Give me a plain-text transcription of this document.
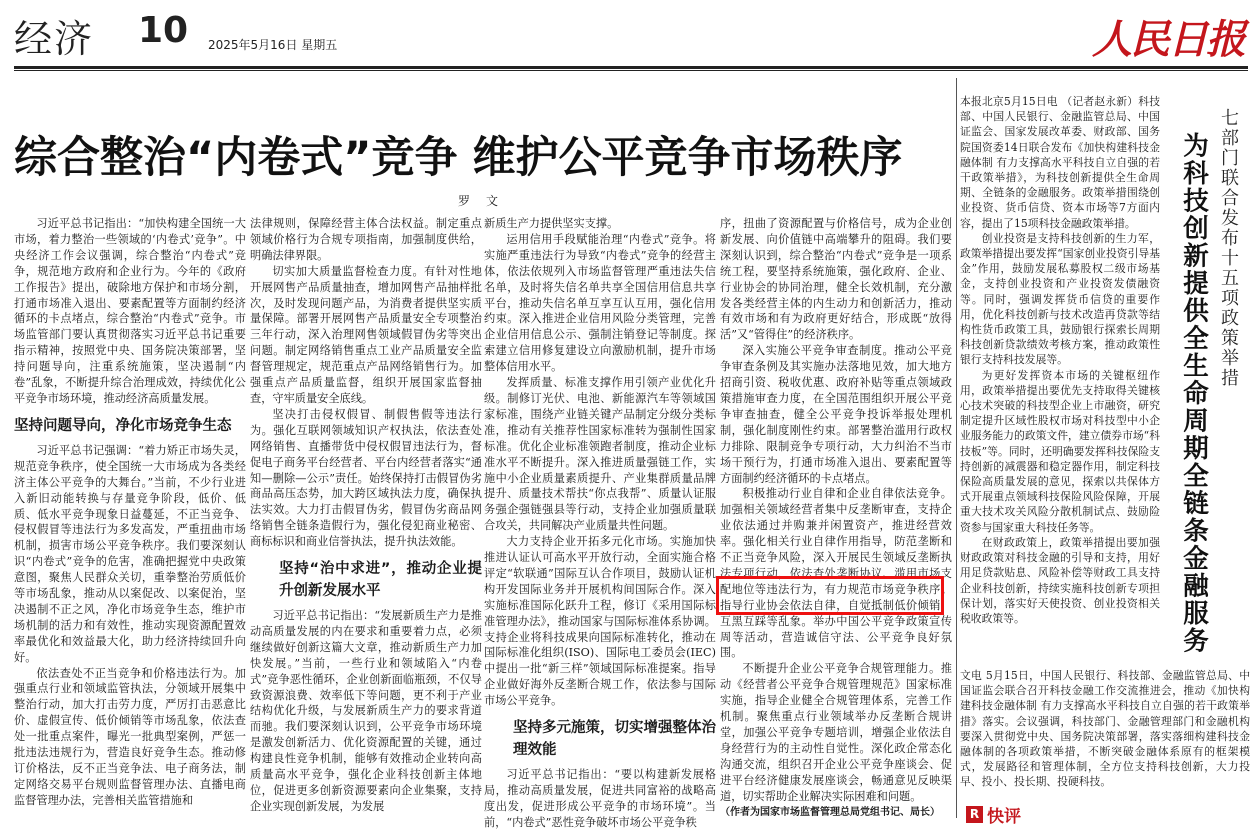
经济 10 2025年5月16日 星期五	人民日报
综合整治“内卷式”竞争 维护公平竞争市场秩序
罗文

习近平总书记指出：“加快构建全国统一大市场，着力整治一些领域的‘内卷式’竞争”。中央经济工作会议强调，综合整治“内卷式”竞争，规范地方政府和企业行为。今年的《政府工作报告》提出，破除地方保护和市场分割，打通市场准入退出、要素配置等方面制约经济循环的卡点堵点，综合整治“内卷式”竞争。市场监管部门要认真贯彻落实习近平总书记重要指示精神，按照党中央、国务院决策部署，坚持问题导向，注重系统施策，坚决遏制“内卷”乱象，不断提升综合治理成效，持续优化公平竞争市场环境，推动经济高质量发展。

坚持问题导向，净化市场竞争生态

习近平总书记强调：“着力矫正市场失灵，规范竞争秩序，使全国统一大市场成为各类经济主体公平竞争的大舞台。”当前，不少行业进入新旧动能转换与存量竞争阶段，低价、低质、低水平竞争现象日益蔓延，不正当竞争、侵权假冒等违法行为多发高发，严重扭曲市场机制，损害市场公平竞争秩序。我们要深刻认识“内卷式”竞争的危害，准确把握党中央政策意图，聚焦人民群众关切，重拳整治劳质低价等市场乱象，推动从以案促改、以案促治，坚决遏制不正之风，净化市场竞争生态，维护市场机制的活力和有效性，推动实现资源配置效率最优化和效益最大化，助力经济持续回升向好。

依法查处不正当竞争和价格违法行为。加强重点行业和领域监管执法，分领域开展集中整治行动，加大打击劳力度，严厉打击恶意比价、虚假宣传、低价倾销等市场乱象，依法查处一批重点案件，曝光一批典型案例，严惩一批违法违规行为，营造良好竞争生态。推动修订价格法，反不正当竞争法、电子商务法，制定网络交易平台规则监督管理办法、直播电商监督管理办法，完善相关监管措施和

法律规则，保障经营主体合法权益。制定重点领域价格行为合规专项指南，加强制度供给，明确法律界限。

切实加大质量监督检查力度。有针对性地开展网售产品质量抽查，增加网售产品抽样批次，及时发现问题产品，为消费者提供坚实质量保障。部署开展网售产品质量安全专项整治三年行动，深入治理网售领域假冒伪劣等突出问题。制定网络销售重点工业产品质量安全监督管理规定，规范重点产品网络销售行为。加强重点产品质量监督，组织开展国家监督抽查，守牢质量安全底线。

坚决打击侵权假冒、制假售假等违法行为。强化互联网领域知识产权执法，依法查处网络销售、直播带货中侵权假冒违法行为，督促电子商务平台经营者、平台内经营者落实“通知—删除—公示”责任。始终保持打击假冒伪劣商品高压态势，加大跨区域执法力度，确保执法实效。大力打击假冒伪劣，假冒伪劣商品网络销售全链条造假行为，强化侵犯商业秘密、商标标识和商业信誉执法，提升执法效能。

坚持“治中求进”，推动企业提升创新发展水平

习近平总书记指出：“发展新质生产力是推动高质量发展的内在要求和重要着力点，必须继续做好创新这篇大文章，推动新质生产力加快发展。”当前，一些行业和领域陷入“内卷式”竞争恶性循环，企业创新面临瓶颈，不仅导致资源浪费、效率低下等问题，更不利于产业结构优化升级，与发展新质生产力的要求背道而驰。我们要深刻认识到，公平竞争市场环境是激发创新活力、优化资源配置的关键，通过构建良性竞争机制，能够有效推动企业转向高质量高水平竞争，强化企业科技创新主体地位，促进更多创新资源要素向企业集聚，支持企业实现创新发展，为发展

新质生产力提供坚实支撑。

运用信用手段赋能治理“内卷式”竞争。将实施严重违法行为导致“内卷式”竞争的经营主体，依法依规列入市场监督管理严重违法失信名单，及时将失信名单共享全国信用信息共享平台，推动失信名单互享互认互用，强化信用约束。深入推进企业信用风险分类管理，完善企业信用信息公示、强制注销登记等制度。探索建立信用修复建设立向激励机制，提升市场整体信用水平。

发挥质量、标准支撑作用引领产业优化升级。制修订光伏、电池、新能源汽车等领域国家标准，围绕产业链关键产品制定分级分类标准，推动有关推荐性国家标准转为强制性国家标准。优化企业标准领跑者制度，推动企业标准水平不断提升。深入推进质量强链工作，实施中小企业质量素质提升、产业集群质量品牌提升、质量技术帮扶“你点我帮”、质量认证服务强企强链强县等行动，支持企业加强质量联合攻关，共同解决产业质量共性问题。

大力支持企业开拓多元化市场。实施加快推进认证认可高水平开放行动，全面实施合格评定“软联通”国际互认合作项目，鼓励认证机构开发国际业务并开展机构间国际合作。深入实施标准国际化跃升工程，修订《采用国际标准管理办法》，推动国家与国际标准体系协调。支持企业将科技成果向国际标准转化，推动在国际标准化组织(ISO)、国际电工委员会(IEC)中提出一批“新三样”领域国际标准提案。指导企业做好海外反垄断合规工作，依法参与国际市场公平竞争。

坚持多元施策，切实增强整体治理效能

习近平总书记指出：“要以构建新发展格局，推动高质量发展，促进共同富裕的战略高度出发，促进形成公平竞争的市场环境”。当前，“内卷式”恶性竞争破坏市场公平竞争秩

序，扭曲了资源配置与价格信号，成为企业创新发展、向价值链中高端攀升的阻碍。我们要深刻认识到，综合整治“内卷式”竞争是一项系统工程，要坚持系统施策，强化政府、企业、行业协会的协同治理，健全长效机制，充分激发各类经营主体的内生动力和创新活力，推动有效市场和有为政府更好结合，形成既“放得活”又“管得住”的经济秩序。

深入实施公平竞争审查制度。推动公平竞争审查条例及其实施办法落地见效，加大地方招商引资、税收优惠、政府补贴等重点领域政策措施审查力度，在全国范围组织开展公平竞争审查抽查，健全公平竞争投诉举报处理机制，强化制度刚性约束。部署整治滥用行政权力排除、限制竞争专项行动，大力纠治不当市场干预行为，打通市场准入退出、要素配置等方面制约经济循环的卡点堵点。

积极推动行业自律和企业自律依法竞争。加强相关领域经营者集中反垄断审查，支持企业依法通过并购兼并闲置资产，推进经营效率。强化相关行业自律作用指导，防范垄断和不正当竞争风险，深入开展民生领域反垄断执法专项行动，依法查处垄断协议、滥用市场支配地位等违法行为，有力规范市场竞争秩序。指导行业协会依法自律，自觉抵制低价倾销、互黑互踩等乱象。举办中国公平竞争政策宣传周等活动，营造诚信守法、公平竞争良好氛围。

不断提升企业公平竞争合规管理能力。推动《经营者公平竞争合规管理规范》国家标准实施，指导企业健全合规管理体系，完善工作机制。聚焦重点行业领域举办反垄断合规讲堂，加强公平竞争专题培训，增强企业依法自身经营行为的主动性自觉性。深化政企常态化沟通交流，组织召开企业公平竞争座谈会、促进平台经济健康发展座谈会，畅通意见反映渠道，切实帮助企业解决实际困难和问题。

（作者为国家市场监督管理总局党组书记、局长）

七部门联合发布十五项政策举措
为科技创新提供全生命周期全链条金融服务

本报北京5月15日电 （记者赵永新）科技部、中国人民银行、金融监管总局、中国证监会、国家发展改革委、财政部、国务院国资委14日联合发布《加快构建科技金融体制 有力支撑高水平科技自立自强的若干政策举措》，为科技创新提供全生命周期、全链条的金融服务。政策举措围绕创业投资、货币信贷、资本市场等7方面内容，提出了15项科技金融政策举措。

创业投资是支持科技创新的生力军，政策举措提出要发挥“国家创业投资引导基金”作用，鼓励发展私募股权二级市场基金，支持创业投资和产业投资发债融资等。同时，强调发挥货币信贷的重要作用，优化科技创新与技术改造再贷款等结构性货币政策工具，鼓励银行探索长周期科技创新贷款绩效考核方案，推动政策性银行支持科技发展等。

为更好发挥资本市场的关键枢纽作用，政策举措提出要优先支持取得关键核心技术突破的科技型企业上市融资，研究制定提升区域性股权市场对科技型中小企业服务能力的政策文件，建立债券市场“科技板”等。同时，还明确要发挥科技保险支持创新的减震器和稳定器作用，制定科技保险高质量发展的意见，探索以共保体方式开展重点领域科技保险风险保障，开展重大技术攻关风险分散机制试点、鼓励险资参与国家重大科技任务等。

在财政政策上，政策举措提出要加强财政政策对科技金融的引导和支持，用好用足贷款贴息、风险补偿等财政工具支持企业科技创新，持续实施科技创新专项担保计划，落实好天使投资、创业投资相关税收政策等。

文电 5月15日，中国人民银行、科技部、金融监管总局、中国证监会联合召开科技金融工作交流推进会，推动《加快构建科技金融体制 有力支撑高水平科技自立自强的若干政策举措》落实。会议强调，科技部门、金融管理部门和金融机构要深入贯彻党中央、国务院决策部署，落实落细构建科技金融体制的各项政策举措，不断突破金融体系原有的框架模式，发展路径和管理体制，全方位支持科技创新，大力投早、投小、投长期、投硬科技。

R 快评
